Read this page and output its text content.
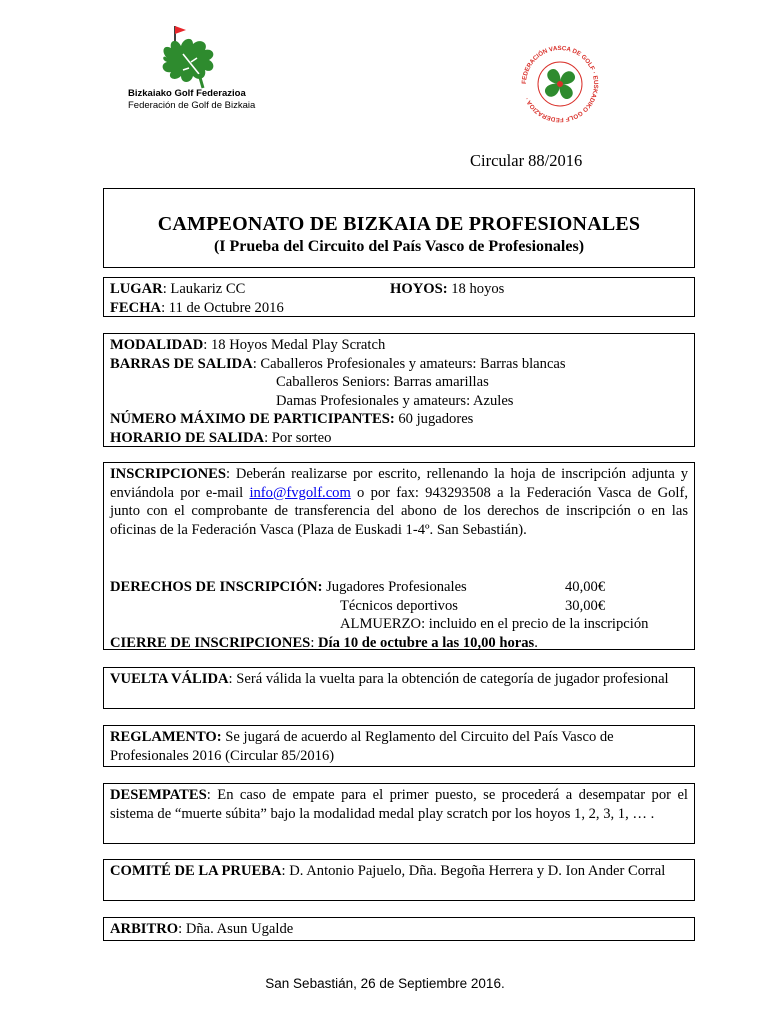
Bizkaiako Golf Federazioa
Federación de Golf de Bizkaia
FEDERACIÓN VASCA DE GOLF · EUSKADIKO GOLF FEDERAZIOA ·
Circular 88/2016
CAMPEONATO DE BIZKAIA DE PROFESIONALES
(I Prueba del Circuito del País Vasco de Profesionales)
LUGAR: Laukariz CC	HOYOS: 18 hoyos
FECHA: 11 de Octubre 2016
MODALIDAD: 18 Hoyos Medal Play Scratch
BARRAS DE SALIDA: Caballeros Profesionales y amateurs: Barras blancas
Caballeros Seniors: Barras amarillas
Damas Profesionales y amateurs: Azules
NÚMERO MÁXIMO DE PARTICIPANTES: 60 jugadores
HORARIO DE SALIDA: Por sorteo
INSCRIPCIONES: Deberán realizarse por escrito, rellenando la hoja de inscripción adjunta y enviándola por e-mail info@fvgolf.com o por fax: 943293508 a la Federación Vasca de Golf, junto con el comprobante de transferencia del abono de los derechos de inscripción o en las oficinas de la Federación Vasca (Plaza de Euskadi 1-4º. San Sebastián).
DERECHOS DE INSCRIPCIÓN: Jugadores Profesionales	40,00€
Técnicos deportivos	30,00€
ALMUERZO: incluido en el precio de la inscripción
CIERRE DE INSCRIPCIONES: Día 10 de octubre a las 10,00 horas.
VUELTA VÁLIDA: Será válida la vuelta para la obtención de categoría de jugador profesional
REGLAMENTO: Se jugará de acuerdo al Reglamento del Circuito del País Vasco de Profesionales 2016 (Circular 85/2016)
DESEMPATES: En caso de empate para el primer puesto, se procederá a desempatar por el sistema de “muerte súbita” bajo la modalidad medal play scratch por los hoyos 1, 2, 3, 1, … .
COMITÉ DE LA PRUEBA: D. Antonio Pajuelo, Dña. Begoña Herrera y D. Ion Ander Corral
ARBITRO: Dña. Asun Ugalde
San Sebastián, 26 de Septiembre 2016.
